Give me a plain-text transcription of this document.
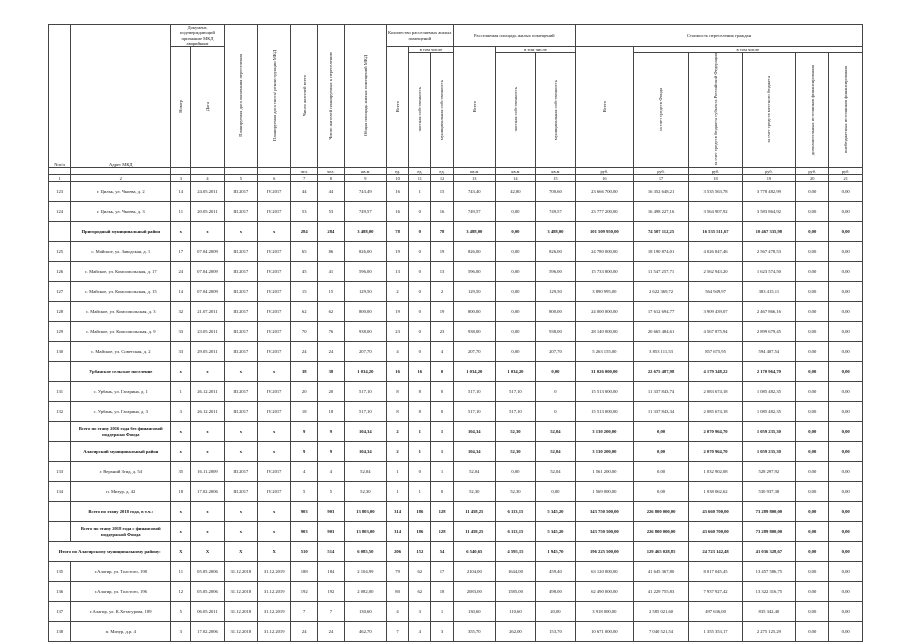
№п/п	Адрес МКД	Документ, подтверждающий признание МКД аварийным		Планируемая дата окончания переселения	Планируемая дата сноса/ реконструкции МКД	Число жителей всего	Число жителей планируемых к переселению	Общая площадь жилых помещений МКД	Количество расселяемых жилых помещений			Расселяемая площадь жилых помещений			Стоимость переселения граждан					
		Номер	Дата						Всего	в том числе		Всего	в том числе		Всего	в том числе				
										частная собственность	муниципальная собственность		частная собственность	муниципальная собственность		за счет средств Фонда	за счет средств бюджета субъекта Российской Федерации	за счет средств местного бюджета	дополнительных источников финансирования	внебюджетных источников финансирования
						чел.	чел.	кв.м	ед.	ед.	ед.	кв.м	кв.м	кв.м	руб.	руб.	руб.	руб.	руб.	руб.
1	2	3	4	5	6	7	8	9	10	11	12	13	14	15	16	17	18	19	20	21
123	г. Цильк, ул. Чкоева, д. 2	14	24.05.2011	III.2017	IV.2017	44	44	743,49	16	1	15	743,40	42,80	700,60	23 666 700,00	16 352 648,21	3 535 563,78	3 778 482,99	0,00	0,00
124	г. Цильк, ул. Чкоева, д. 3	11	20.05.2011	III.2017	IV.2017	53	53	749,57	16	0	16	749,57	0,00	749,57	23 777 200,00	16 498 227,16	3 564 907,92	3 583 864,92	0,00	0,00
	Пригородный муниципальный район	x	x	x	x	284	284	3 488,00	78	0	78	3 488,00	0,00	3 488,00	101 509 950,00	74 507 112,25	16 535 511,67	10 467 335,98	0,00	0,00
125	с. Майское, ул. Заводская, д. 1	17	07.04.2009	III.2017	IV.2017	65	86	826,00	19	0	19	826,00	0,00	826,00	24 780 000,00	18 190 874,01	4 026 847,46	2 567 478,53	0,00	0,00
126	с. Майское, ул. Комсомольская, д. 17	24	07.04.2009	III.2017	IV.2017	45	41	596,00	13	0	13	596,00	0,00	596,00	15 733 800,00	11 547 257,71	2 562 943,20	1 623 574,50	0,00	0,00
127	с. Майское, ул. Комсомольская, д. 15	14	07.04.2009	III.2017	IV.2017	15	15	129,50	2	0	2	129,50	0,00	129,50	3 890 995,00	2 622 369,72	564 949,97	383 415,11	0,00	0,00
128	с. Майское, ул. Комсомольская, д. 3	32	21.07.2011	III.2017	IV.2017	62	62	800,00	19	0	19	800,00	0,00	800,00	24 000 000,00	17 612 694,77	3 909 439,07	2 467 866,16	0,00	0,00
129	с. Майское, ул. Комсомольская, д. 9	33	23.05.2011	III.2017	IV.2017	70	76	938,00	23	0	23	938,00	0,00	938,00	28 140 000,00	20 665 484,61	4 567 875,94	2 899 679,45	0,00	0,00
130	с. Майское, ул. Советская, д. 2	33	29.05.2011	III.2017	IV.2017	24	24	207,70	4	0	4	207,70	0,00	207,70	5 263 155,00	3 853 111,53	857 675,95	594 407,54	0,00	0,00
	Урбанское сельское поселение	x	x	x	x	38	38	1 034,20	16	16	0	1 034,20	1 034,20	0,00	31 026 000,00	22 675 487,98	4 179 348,22	2 170 964,70	0,00	0,00
131	с. Урбань, ул. Гагарина, д. 1	1	26.12.2011	III.2017	IV.2017	20	20	517,10	8	8	0	517,10	517,10	0	15 513 000,00	11 337 843,74	2 083 674,18	1 085 482,35	0,00	0,00
132	с. Урбань, ул. Гагарина, д. 3	3	26.12.2011	III.2017	IV.2017	18	18	517,10	8	8	0	517,10	517,10	0	15 513 000,00	11 337 843,34	2 085 674,18	1 085 482,35	0,00	0,00
	Всего по этапу 2016 года без финансовой поддержки Фонда	x	x	x	x	9	9	104,34	2	1	1	104,34	52,30	52,04	3 130 200,00	0,00	2 070 964,70	1 059 235,30	0,00	0,00
	Алагирский муниципальный район	x	x	x	x	9	9	104,34	2	1	1	104,34	52,30	52,04	3 130 200,00	0,00	2 070 964,70	1 059 235,30	0,00	0,00
133	г. Верхний Згид, д. 54	35	16.11.2009	III.2017	IV.2017	4	4	52,04	1	0	1	52,04	0,00	52,04	1 561 200,00	0,00	1 032 902,08	528 297,92	0,00	0,00
134	п. Мизур, д. 42	18	17.02.2006	III.2017	IV.2017	5	5	52,30	1	1	0	52,30	52,30	0,00	1 569 000,00	0,00	1 038 062,62	530 937,38	0,00	0,00
	Всего по этапу 2018 года, в т.ч.:	x	x	x	x	903	903	13 803,00	314	186	128	11 458,25	6 113,15	5 345,20	343 750 500,00	226 800 000,00	43 660 700,00	73 289 800,00	0,00	0,00
	Всего по этапу 2018 года с финансовой поддержкой Фонда	x	x	x	x	903	903	13 803,00	314	186	128	11 458,25	6 113,15	5 345,20	343 750 500,00	226 800 000,00	43 660 700,00	73 289 800,00	0,00	0,00
Итого по Алагирскому муниципальному району:		X	X	X	X	510	514	6 085,50	206	152	54	6 540,65	4 595,15	1 945,70	196 225 500,00	129 465 028,85	24 723 142,48	41 036 328,67	0,00	0,00
135	г.Алагир, ул. Толстого, 198	11	05.05.2006	31.12.2018	31.12.2019	188	184	2 104,99	79	62	17	2104,00	1644,00	459,40	63 120 000,00	41 645 367,80	8 017 045,45	13 457 586,75	0,00	0,00
136	г.Алагир, ул. Толстого, 196	12	05.05.2006	31.12.2018	31.12.2019	192	192	2 082,00	80	62	18	2083,00	1585,00	498,00	62 490 000,00	41 229 755,83	7 937 927,42	13 322 316,75	0,00	0,00
137	г.Алагир, ул. К.Хетагурова, 189	5	06.05.2011	31.12.2018	31.12.2019	7	7	130,60	4	3	1	130,60	110,60	20,00	3 918 000,00	2 585 021,60	497 636,00	835 342,40	0,00	0,00
138	п. Мизур, д.р. 4	3	17.02.2006	31.12.2018	31.12.2019	24	24	462,70	7	4	3	355,70	262,00	153,70	10 671 000,00	7 040 521,54	1 355 353,17	2 275 125,29	0,00	0,00
